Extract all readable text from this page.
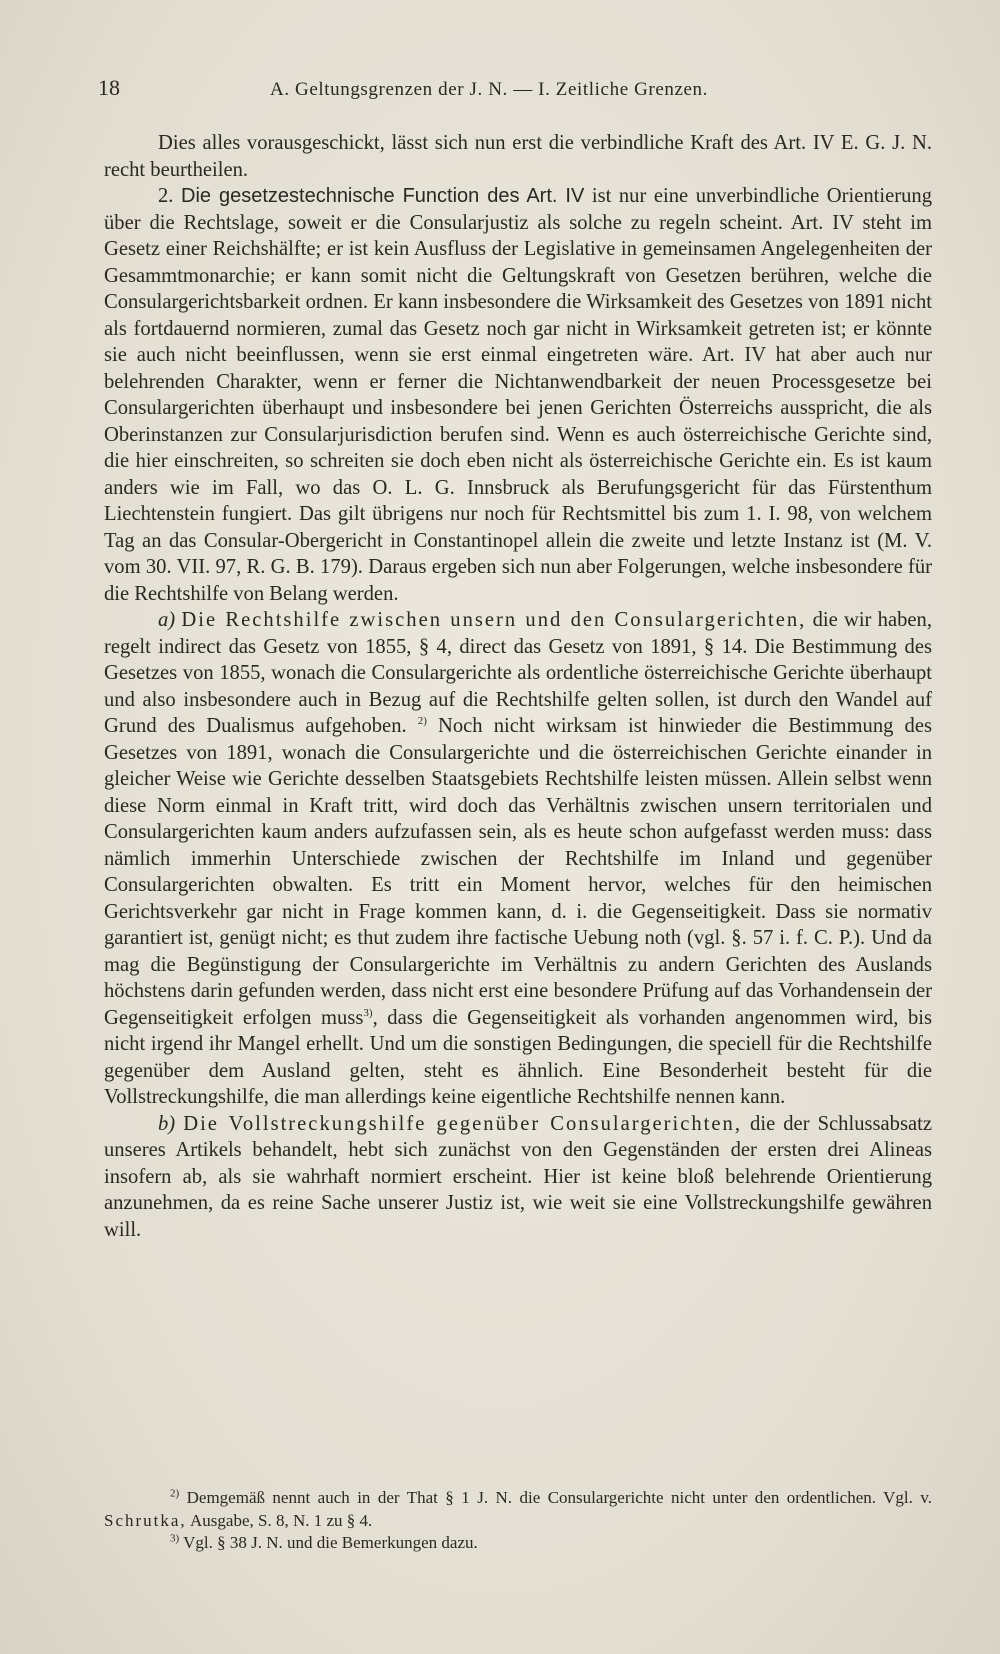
18	A. Geltungsgrenzen der J. N. — I. Zeitliche Grenzen.

Dies alles vorausgeschickt, lässt sich nun erst die verbindliche Kraft des Art. IV E. G. J. N. recht beurtheilen.

2. Die gesetzestechnische Function des Art. IV ist nur eine unverbindliche Orientierung über die Rechtslage, soweit er die Consularjustiz als solche zu regeln scheint. Art. IV steht im Gesetz einer Reichshälfte; er ist kein Ausfluss der Legislative in gemeinsamen Angelegenheiten der Gesammtmonarchie; er kann somit nicht die Geltungskraft von Gesetzen berühren, welche die Consulargerichtsbarkeit ordnen. Er kann insbesondere die Wirksamkeit des Gesetzes von 1891 nicht als fortdauernd normieren, zumal das Gesetz noch gar nicht in Wirksamkeit getreten ist; er könnte sie auch nicht beeinflussen, wenn sie erst einmal eingetreten wäre. Art. IV hat aber auch nur belehrenden Charakter, wenn er ferner die Nichtanwendbarkeit der neuen Processgesetze bei Consulargerichten überhaupt und insbesondere bei jenen Gerichten Österreichs ausspricht, die als Oberinstanzen zur Consularjurisdiction berufen sind. Wenn es auch österreichische Gerichte sind, die hier einschreiten, so schreiten sie doch eben nicht als österreichische Gerichte ein. Es ist kaum anders wie im Fall, wo das O. L. G. Innsbruck als Berufungsgericht für das Fürstenthum Liechtenstein fungiert. Das gilt übrigens nur noch für Rechtsmittel bis zum 1. I. 98, von welchem Tag an das Consular-Obergericht in Constantinopel allein die zweite und letzte Instanz ist (M. V. vom 30. VII. 97, R. G. B. 179). Daraus ergeben sich nun aber Folgerungen, welche insbesondere für die Rechtshilfe von Belang werden.

a) Die Rechtshilfe zwischen unsern und den Consulargerichten, die wir haben, regelt indirect das Gesetz von 1855, § 4, direct das Gesetz von 1891, § 14. Die Bestimmung des Gesetzes von 1855, wonach die Consulargerichte als ordentliche österreichische Gerichte überhaupt und also insbesondere auch in Bezug auf die Rechtshilfe gelten sollen, ist durch den Wandel auf Grund des Dualismus aufgehoben. $^{2)}$ Noch nicht wirksam ist hinwieder die Bestimmung des Gesetzes von 1891, wonach die Consulargerichte und die österreichischen Gerichte einander in gleicher Weise wie Gerichte desselben Staatsgebiets Rechtshilfe leisten müssen. Allein selbst wenn diese Norm einmal in Kraft tritt, wird doch das Verhältnis zwischen unsern territorialen und Consulargerichten kaum anders aufzufassen sein, als es heute schon aufgefasst werden muss: dass nämlich immerhin Unterschiede zwischen der Rechtshilfe im Inland und gegenüber Consulargerichten obwalten. Es tritt ein Moment hervor, welches für den heimischen Gerichtsverkehr gar nicht in Frage kommen kann, d. i. die Gegenseitigkeit. Dass sie normativ garantiert ist, genügt nicht; es thut zudem ihre factische Uebung noth (vgl. §. 57 i. f. C. P.). Und da mag die Begünstigung der Consulargerichte im Verhältnis zu andern Gerichten des Auslands höchstens darin gefunden werden, dass nicht erst eine besondere Prüfung auf das Vorhandensein der Gegenseitigkeit erfolgen muss$^{3)}$, dass die Gegenseitigkeit als vorhanden angenommen wird, bis nicht irgend ihr Mangel erhellt. Und um die sonstigen Bedingungen, die speciell für die Rechtshilfe gegenüber dem Ausland gelten, steht es ähnlich. Eine Besonderheit besteht für die Vollstreckungshilfe, die man allerdings keine eigentliche Rechtshilfe nennen kann.

b) Die Vollstreckungshilfe gegenüber Consulargerichten, die der Schlussabsatz unseres Artikels behandelt, hebt sich zunächst von den Gegenständen der ersten drei Alineas insofern ab, als sie wahrhaft normiert erscheint. Hier ist keine bloß belehrende Orientierung anzunehmen, da es reine Sache unserer Justiz ist, wie weit sie eine Vollstreckungshilfe gewähren will.

$^{2)}$ Demgemäß nennt auch in der That § 1 J. N. die Consulargerichte nicht unter den ordentlichen. Vgl. v. Schrutka, Ausgabe, S. 8, N. 1 zu § 4.

$^{3)}$ Vgl. § 38 J. N. und die Bemerkungen dazu.
